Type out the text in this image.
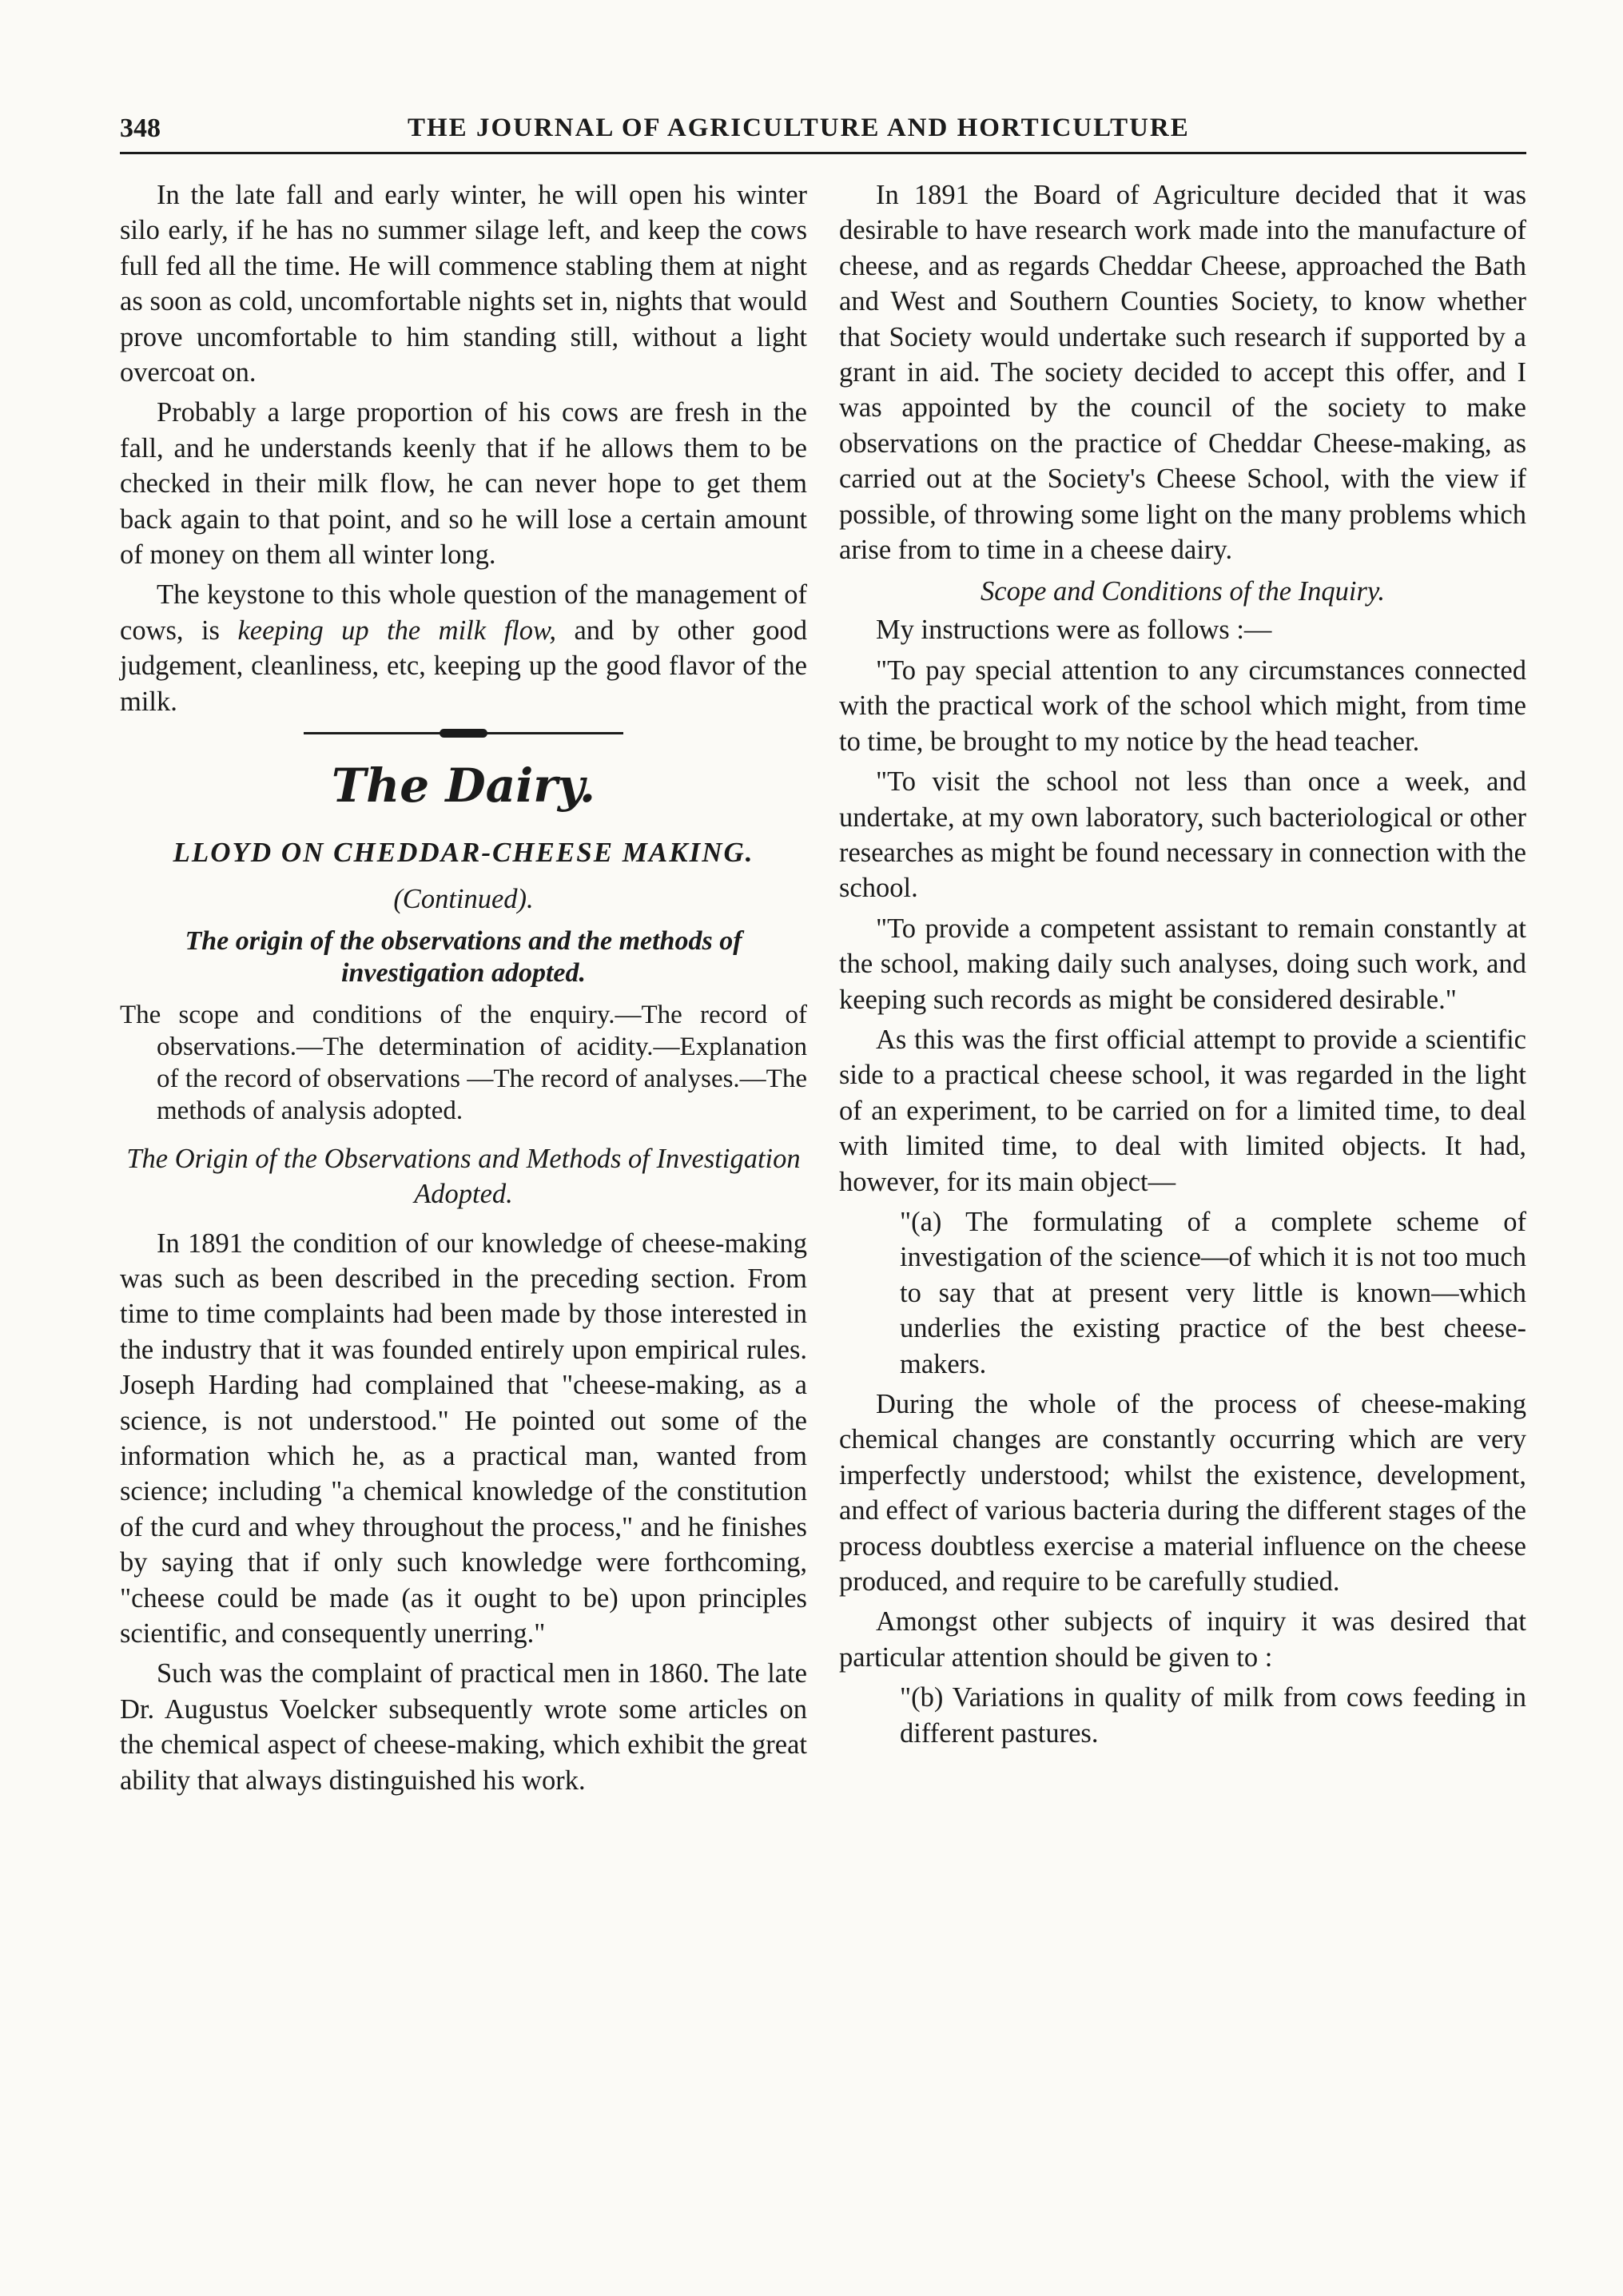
348	THE JOURNAL OF AGRICULTURE AND HORTICULTURE

In the late fall and early winter, he will open his winter silo early, if he has no summer silage left, and keep the cows full fed all the time. He will commence stabling them at night as soon as cold, uncomfortable nights set in, nights that would prove uncomfortable to him standing still, without a light overcoat on.

Probably a large proportion of his cows are fresh in the fall, and he understands keenly that if he allows them to be checked in their milk flow, he can never hope to get them back again to that point, and so he will lose a certain amount of money on them all winter long.

The keystone to this whole question of the management of cows, is keeping up the milk flow, and by other good judgement, cleanliness, etc, keeping up the good flavor of the milk.

The Dairy.
LLOYD ON CHEDDAR-CHEESE MAKING.

(Continued).

The origin of the observations and the methods of investigation adopted.
The scope and conditions of the enquiry.—The record of observations.—The determination of acidity.—Explanation of the record of observations —The record of analyses.—The methods of analysis adopted.
The Origin of the Observations and Methods of Investigation Adopted.

In 1891 the condition of our knowledge of cheese-making was such as been described in the preceding section. From time to time complaints had been made by those interested in the industry that it was founded entirely upon empirical rules. Joseph Harding had complained that "cheese-making, as a science, is not understood." He pointed out some of the information which he, as a practical man, wanted from science; including "a chemical knowledge of the constitution of the curd and whey throughout the process," and he finishes by saying that if only such knowledge were forthcoming, "cheese could be made (as it ought to be) upon principles scientific, and consequently unerring."

Such was the complaint of practical men in 1860. The late Dr. Augustus Voelcker subsequently wrote some articles on the chemical aspect of cheese-making, which exhibit the great ability that always distinguished his work.

In 1891 the Board of Agriculture decided that it was desirable to have research work made into the manufacture of cheese, and as regards Cheddar Cheese, approached the Bath and West and Southern Counties Society, to know whether that Society would undertake such research if supported by a grant in aid. The society decided to accept this offer, and I was appointed by the council of the society to make observations on the practice of Cheddar Cheese-making, as carried out at the Society's Cheese School, with the view if possible, of throwing some light on the many problems which arise from to time in a cheese dairy.

Scope and Conditions of the Inquiry.

My instructions were as follows :—

"To pay special attention to any circumstances connected with the practical work of the school which might, from time to time, be brought to my notice by the head teacher.

"To visit the school not less than once a week, and undertake, at my own laboratory, such bacteriological or other researches as might be found necessary in connection with the school.

"To provide a competent assistant to remain constantly at the school, making daily such analyses, doing such work, and keeping such records as might be considered desirable."

As this was the first official attempt to provide a scientific side to a practical cheese school, it was regarded in the light of an experiment, to be carried on for a limited time, to deal with limited time, to deal with limited objects. It had, however, for its main object—

"(a) The formulating of a complete scheme of investigation of the science—of which it is not too much to say that at present very little is known—which underlies the existing practice of the best cheese-makers.

During the whole of the process of cheese-making chemical changes are constantly occurring which are very imperfectly understood; whilst the existence, development, and effect of various bacteria during the different stages of the process doubtless exercise a material influence on the cheese produced, and require to be carefully studied.

Amongst other subjects of inquiry it was desired that particular attention should be given to :

"(b) Variations in quality of milk from cows feeding in different pastures.
